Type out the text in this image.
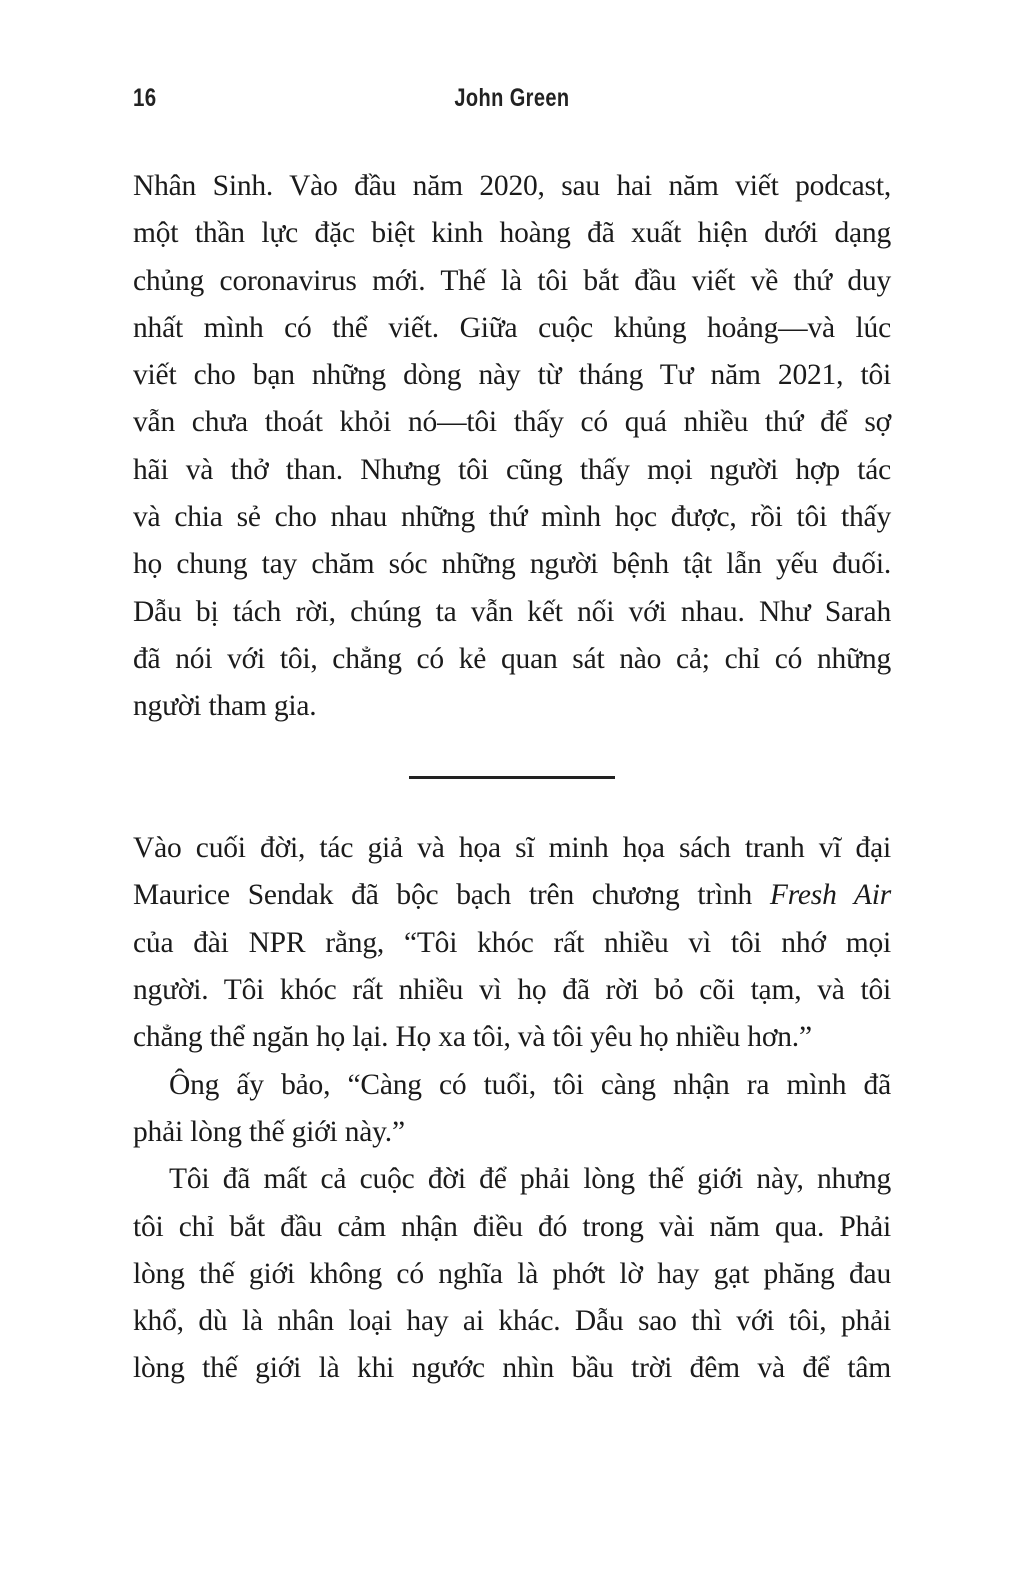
16	John Green
Nhân Sinh. Vào đầu năm 2020, sau hai năm viết podcast,
một thần lực đặc biệt kinh hoàng đã xuất hiện dưới dạng
chủng coronavirus mới. Thế là tôi bắt đầu viết về thứ duy
nhất mình có thể viết. Giữa cuộc khủng hoảng—và lúc
viết cho bạn những dòng này từ tháng Tư năm 2021, tôi
vẫn chưa thoát khỏi nó—tôi thấy có quá nhiều thứ để sợ
hãi và thở than. Nhưng tôi cũng thấy mọi người hợp tác
và chia sẻ cho nhau những thứ mình học được, rồi tôi thấy
họ chung tay chăm sóc những người bệnh tật lẫn yếu đuối.
Dẫu bị tách rời, chúng ta vẫn kết nối với nhau. Như Sarah
đã nói với tôi, chẳng có kẻ quan sát nào cả; chỉ có những
người tham gia.
Vào cuối đời, tác giả và họa sĩ minh họa sách tranh vĩ đại
Maurice Sendak đã bộc bạch trên chương trình Fresh Air
của đài NPR rằng, “Tôi khóc rất nhiều vì tôi nhớ mọi
người. Tôi khóc rất nhiều vì họ đã rời bỏ cõi tạm, và tôi
chẳng thể ngăn họ lại. Họ xa tôi, và tôi yêu họ nhiều hơn.”
Ông ấy bảo, “Càng có tuổi, tôi càng nhận ra mình đã
phải lòng thế giới này.”
Tôi đã mất cả cuộc đời để phải lòng thế giới này, nhưng
tôi chỉ bắt đầu cảm nhận điều đó trong vài năm qua. Phải
lòng thế giới không có nghĩa là phớt lờ hay gạt phăng đau
khổ, dù là nhân loại hay ai khác. Dẫu sao thì với tôi, phải
lòng thế giới là khi ngước nhìn bầu trời đêm và để tâm
